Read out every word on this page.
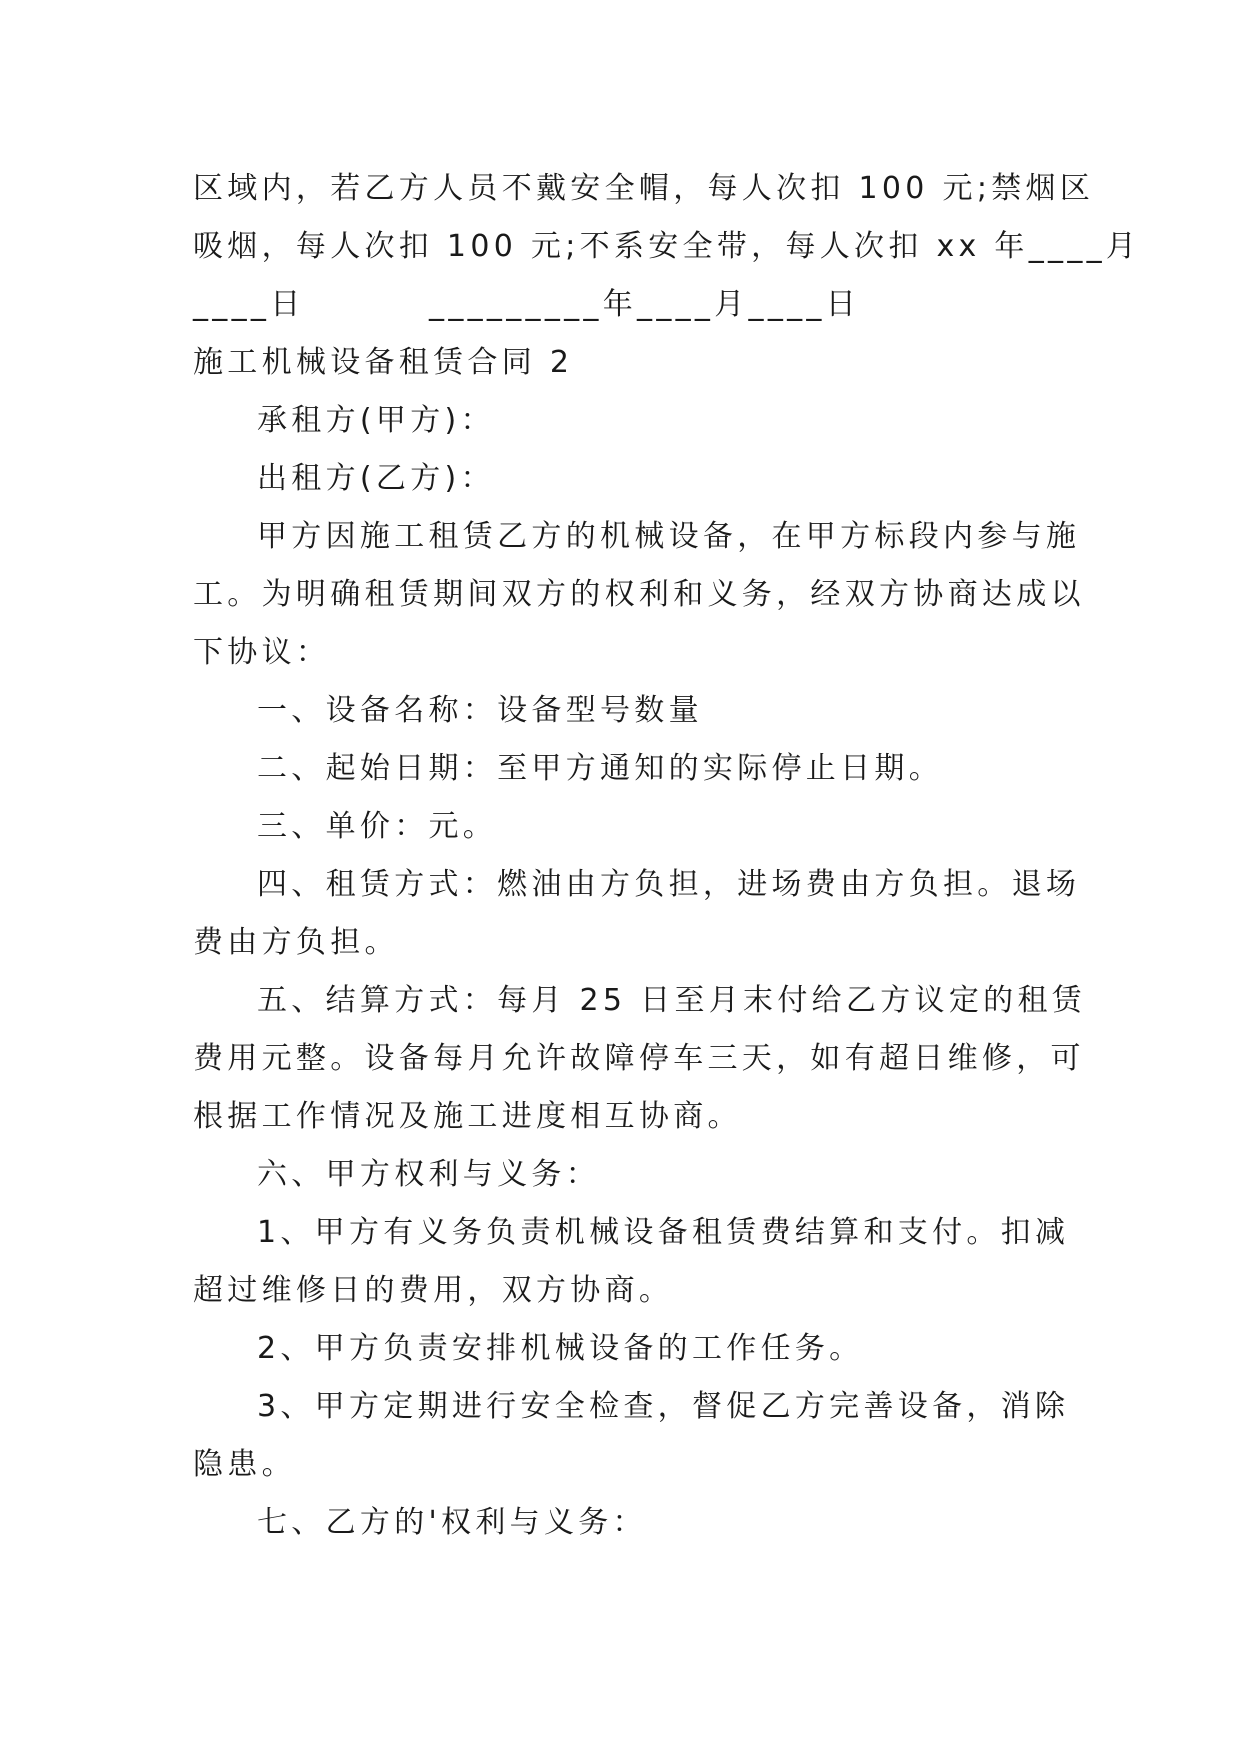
区域内，若乙方人员不戴安全帽，每人次扣 100 元;禁烟区
吸烟，每人次扣 100 元;不系安全带，每人次扣 xx 年____月
____日         _________年____月____日
施工机械设备租赁合同 2
承租方(甲方)：
出租方(乙方)：
甲方因施工租赁乙方的机械设备，在甲方标段内参与施
工。为明确租赁期间双方的权利和义务，经双方协商达成以
下协议：
一、设备名称：设备型号数量
二、起始日期：至甲方通知的实际停止日期。
三、单价：元。
四、租赁方式：燃油由方负担，进场费由方负担。退场
费由方负担。
五、结算方式：每月 25 日至月末付给乙方议定的租赁
费用元整。设备每月允许故障停车三天，如有超日维修，可
根据工作情况及施工进度相互协商。
六、甲方权利与义务：
1、甲方有义务负责机械设备租赁费结算和支付。扣减
超过维修日的费用，双方协商。
2、甲方负责安排机械设备的工作任务。
3、甲方定期进行安全检查，督促乙方完善设备，消除
隐患。
七、乙方的'权利与义务：
